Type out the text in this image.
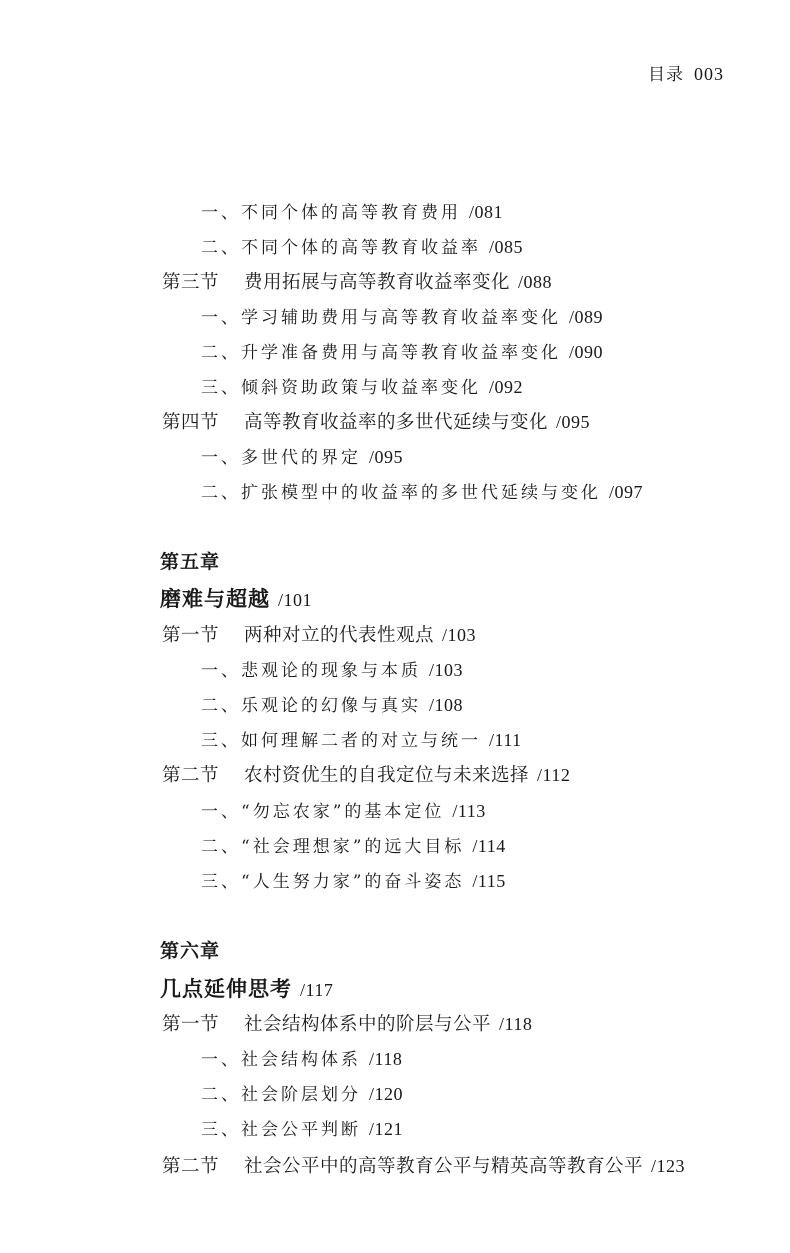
目录 003
一、不同个体的高等教育费用 /081
二、不同个体的高等教育收益率 /085
第三节 费用拓展与高等教育收益率变化 /088
一、学习辅助费用与高等教育收益率变化 /089
二、升学准备费用与高等教育收益率变化 /090
三、倾斜资助政策与收益率变化 /092
第四节 高等教育收益率的多世代延续与变化 /095
一、多世代的界定 /095
二、扩张模型中的收益率的多世代延续与变化 /097
第五章
磨难与超越 /101
第一节 两种对立的代表性观点 /103
一、悲观论的现象与本质 /103
二、乐观论的幻像与真实 /108
三、如何理解二者的对立与统一 /111
第二节 农村资优生的自我定位与未来选择 /112
一、“勿忘农家”的基本定位 /113
二、“社会理想家”的远大目标 /114
三、“人生努力家”的奋斗姿态 /115
第六章
几点延伸思考 /117
第一节 社会结构体系中的阶层与公平 /118
一、社会结构体系 /118
二、社会阶层划分 /120
三、社会公平判断 /121
第二节 社会公平中的高等教育公平与精英高等教育公平 /123
